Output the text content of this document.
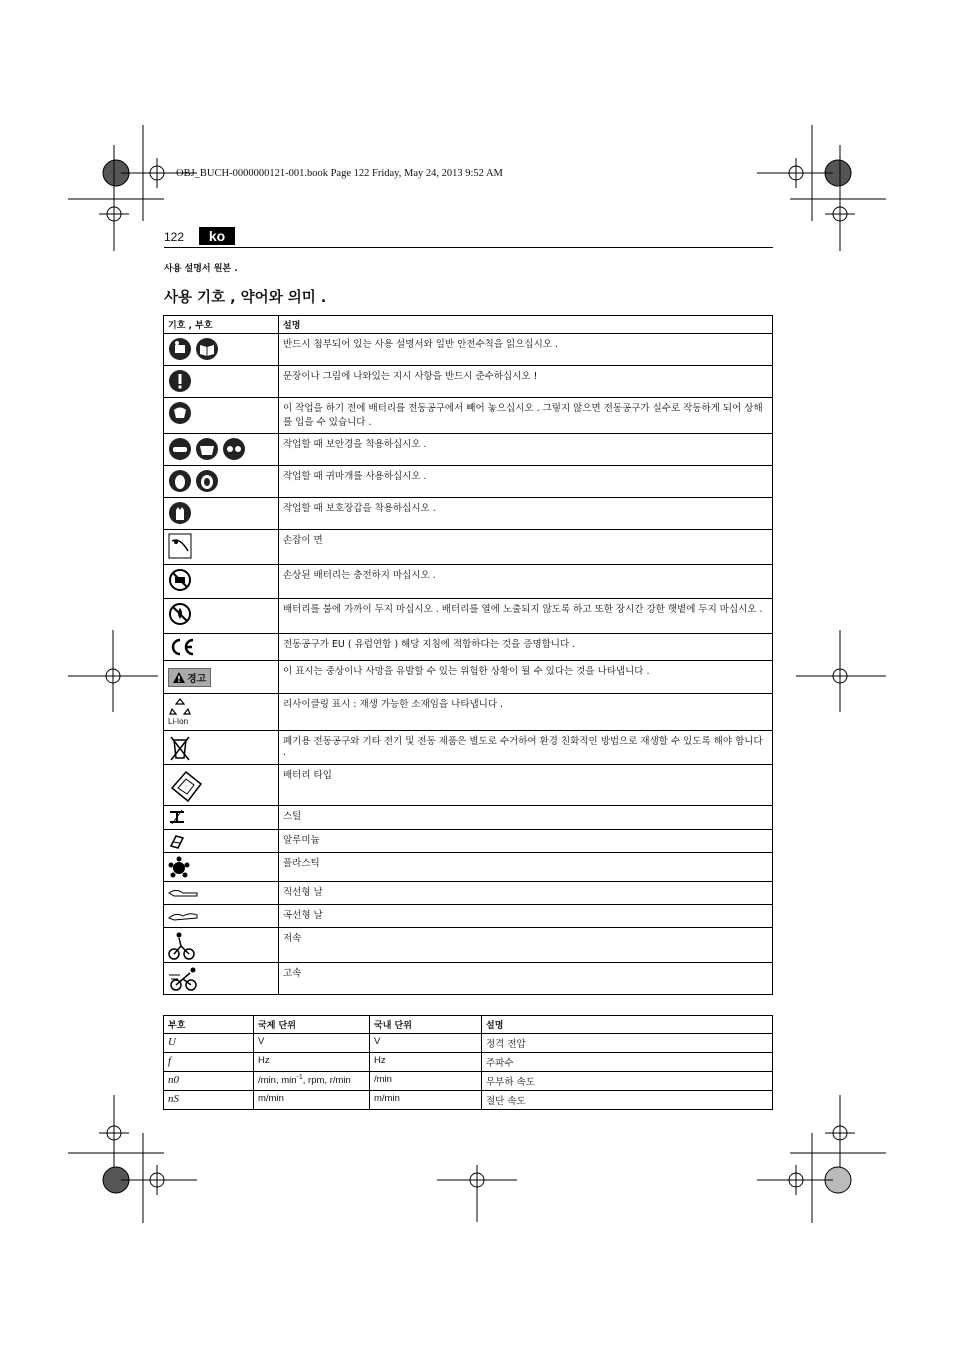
OBJ_BUCH-0000000121-001.book Page 122 Friday, May 24, 2013 9:52 AM
122	ko
사용 설명서 원본 .
사용 기호 , 약어와 의미 .
기호 , 부호	설명

	반드시 첨부되어 있는 사용 설명서와 일반 안전수칙을 읽으십시오 .

	문장이나 그림에 나와있는 지시 사항을 반드시 준수하십시오 !

	이 작업을 하기 전에 배터리를 전동공구에서 빼어 놓으십시오 . 그렇지 않으면 전동공구가 실수로 작동하게 되어 상해를 입을 수 있습니다 .

	작업할 때 보안경을 착용하십시오 .

	작업할 때 귀마개를 사용하십시오 .

	작업할 때 보호장갑을 착용하십시오 .

	손잡이 면

	손상된 배터리는 충전하지 마십시오 .

	배터리를 불에 가까이 두지 마십시오 . 배터리를 열에 노출되지 않도록 하고 또한 장시간 강한 햇볕에 두지 마십시오 .

	전동공구가 EU ( 유럽연합 ) 해당 지침에 적합하다는 것을 증명합니다 .

경고	이 표시는 중상이나 사망을 유발할 수 있는 위험한 상황이 될 수 있다는 것을 나타냅니다 .

Li-Ion	리사이클링 표시 : 재생 가능한 소재임을 나타냅니다 .

	폐기용 전동공구와 기타 전기 및 전동 제품은 별도로 수거하여 환경 친화적인 방법으로 재생할 수 있도록 해야 합니다 .

	배터리 타입

	스틸

	알루미늄

	플라스틱

	직선형 날

	곡선형 날

	저속

	고속
부호	국제 단위	국내 단위	설명
U	V	V	정격 전압
f	Hz	Hz	주파수
n0	/min, $\min^{-1}$, rpm, r/min	/min	무부하 속도
nS	m/min	m/min	절단 속도
